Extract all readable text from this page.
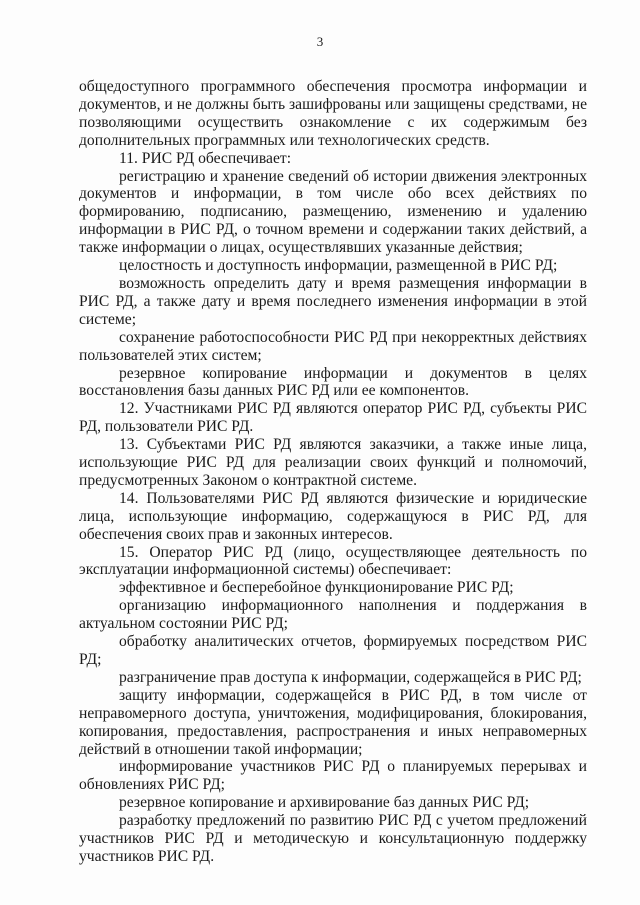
3

общедоступного программного обеспечения просмотра информации и документов, и не должны быть зашифрованы или защищены средствами, не позволяющими осуществить ознакомление с их содержимым без дополнительных программных или технологических средств.

11. РИС РД обеспечивает:

регистрацию и хранение сведений об истории движения электронных документов и информации, в том числе обо всех действиях по формированию, подписанию, размещению, изменению и удалению информации в РИС РД, о точном времени и содержании таких действий, а также информации о лицах, осуществлявших указанные действия;

целостность и доступность информации, размещенной в РИС РД;

возможность определить дату и время размещения информации в РИС РД, а также дату и время последнего изменения информации в этой системе;

сохранение работоспособности РИС РД при некорректных действиях пользователей этих систем;

резервное копирование информации и документов в целях восстановления базы данных РИС РД или ее компонентов.

12. Участниками РИС РД являются оператор РИС РД, субъекты РИС РД, пользователи РИС РД.

13. Субъектами РИС РД являются заказчики, а также иные лица, использующие РИС РД для реализации своих функций и полномочий, предусмотренных Законом о контрактной системе.

14. Пользователями РИС РД являются физические и юридические лица, использующие информацию, содержащуюся в РИС РД, для обеспечения своих прав и законных интересов.

15. Оператор РИС РД (лицо, осуществляющее деятельность по эксплуатации информационной системы) обеспечивает:

эффективное и бесперебойное функционирование РИС РД;

организацию информационного наполнения и поддержания в актуальном состоянии РИС РД;

обработку аналитических отчетов, формируемых посредством РИС РД;

разграничение прав доступа к информации, содержащейся в РИС РД;

защиту информации, содержащейся в РИС РД, в том числе от неправомерного доступа, уничтожения, модифицирования, блокирования, копирования, предоставления, распространения и иных неправомерных действий в отношении такой информации;

информирование участников РИС РД о планируемых перерывах и обновлениях РИС РД;

резервное копирование и архивирование баз данных РИС РД;

разработку предложений по развитию РИС РД с учетом предложений участников РИС РД и методическую и консультационную поддержку участников РИС РД.
